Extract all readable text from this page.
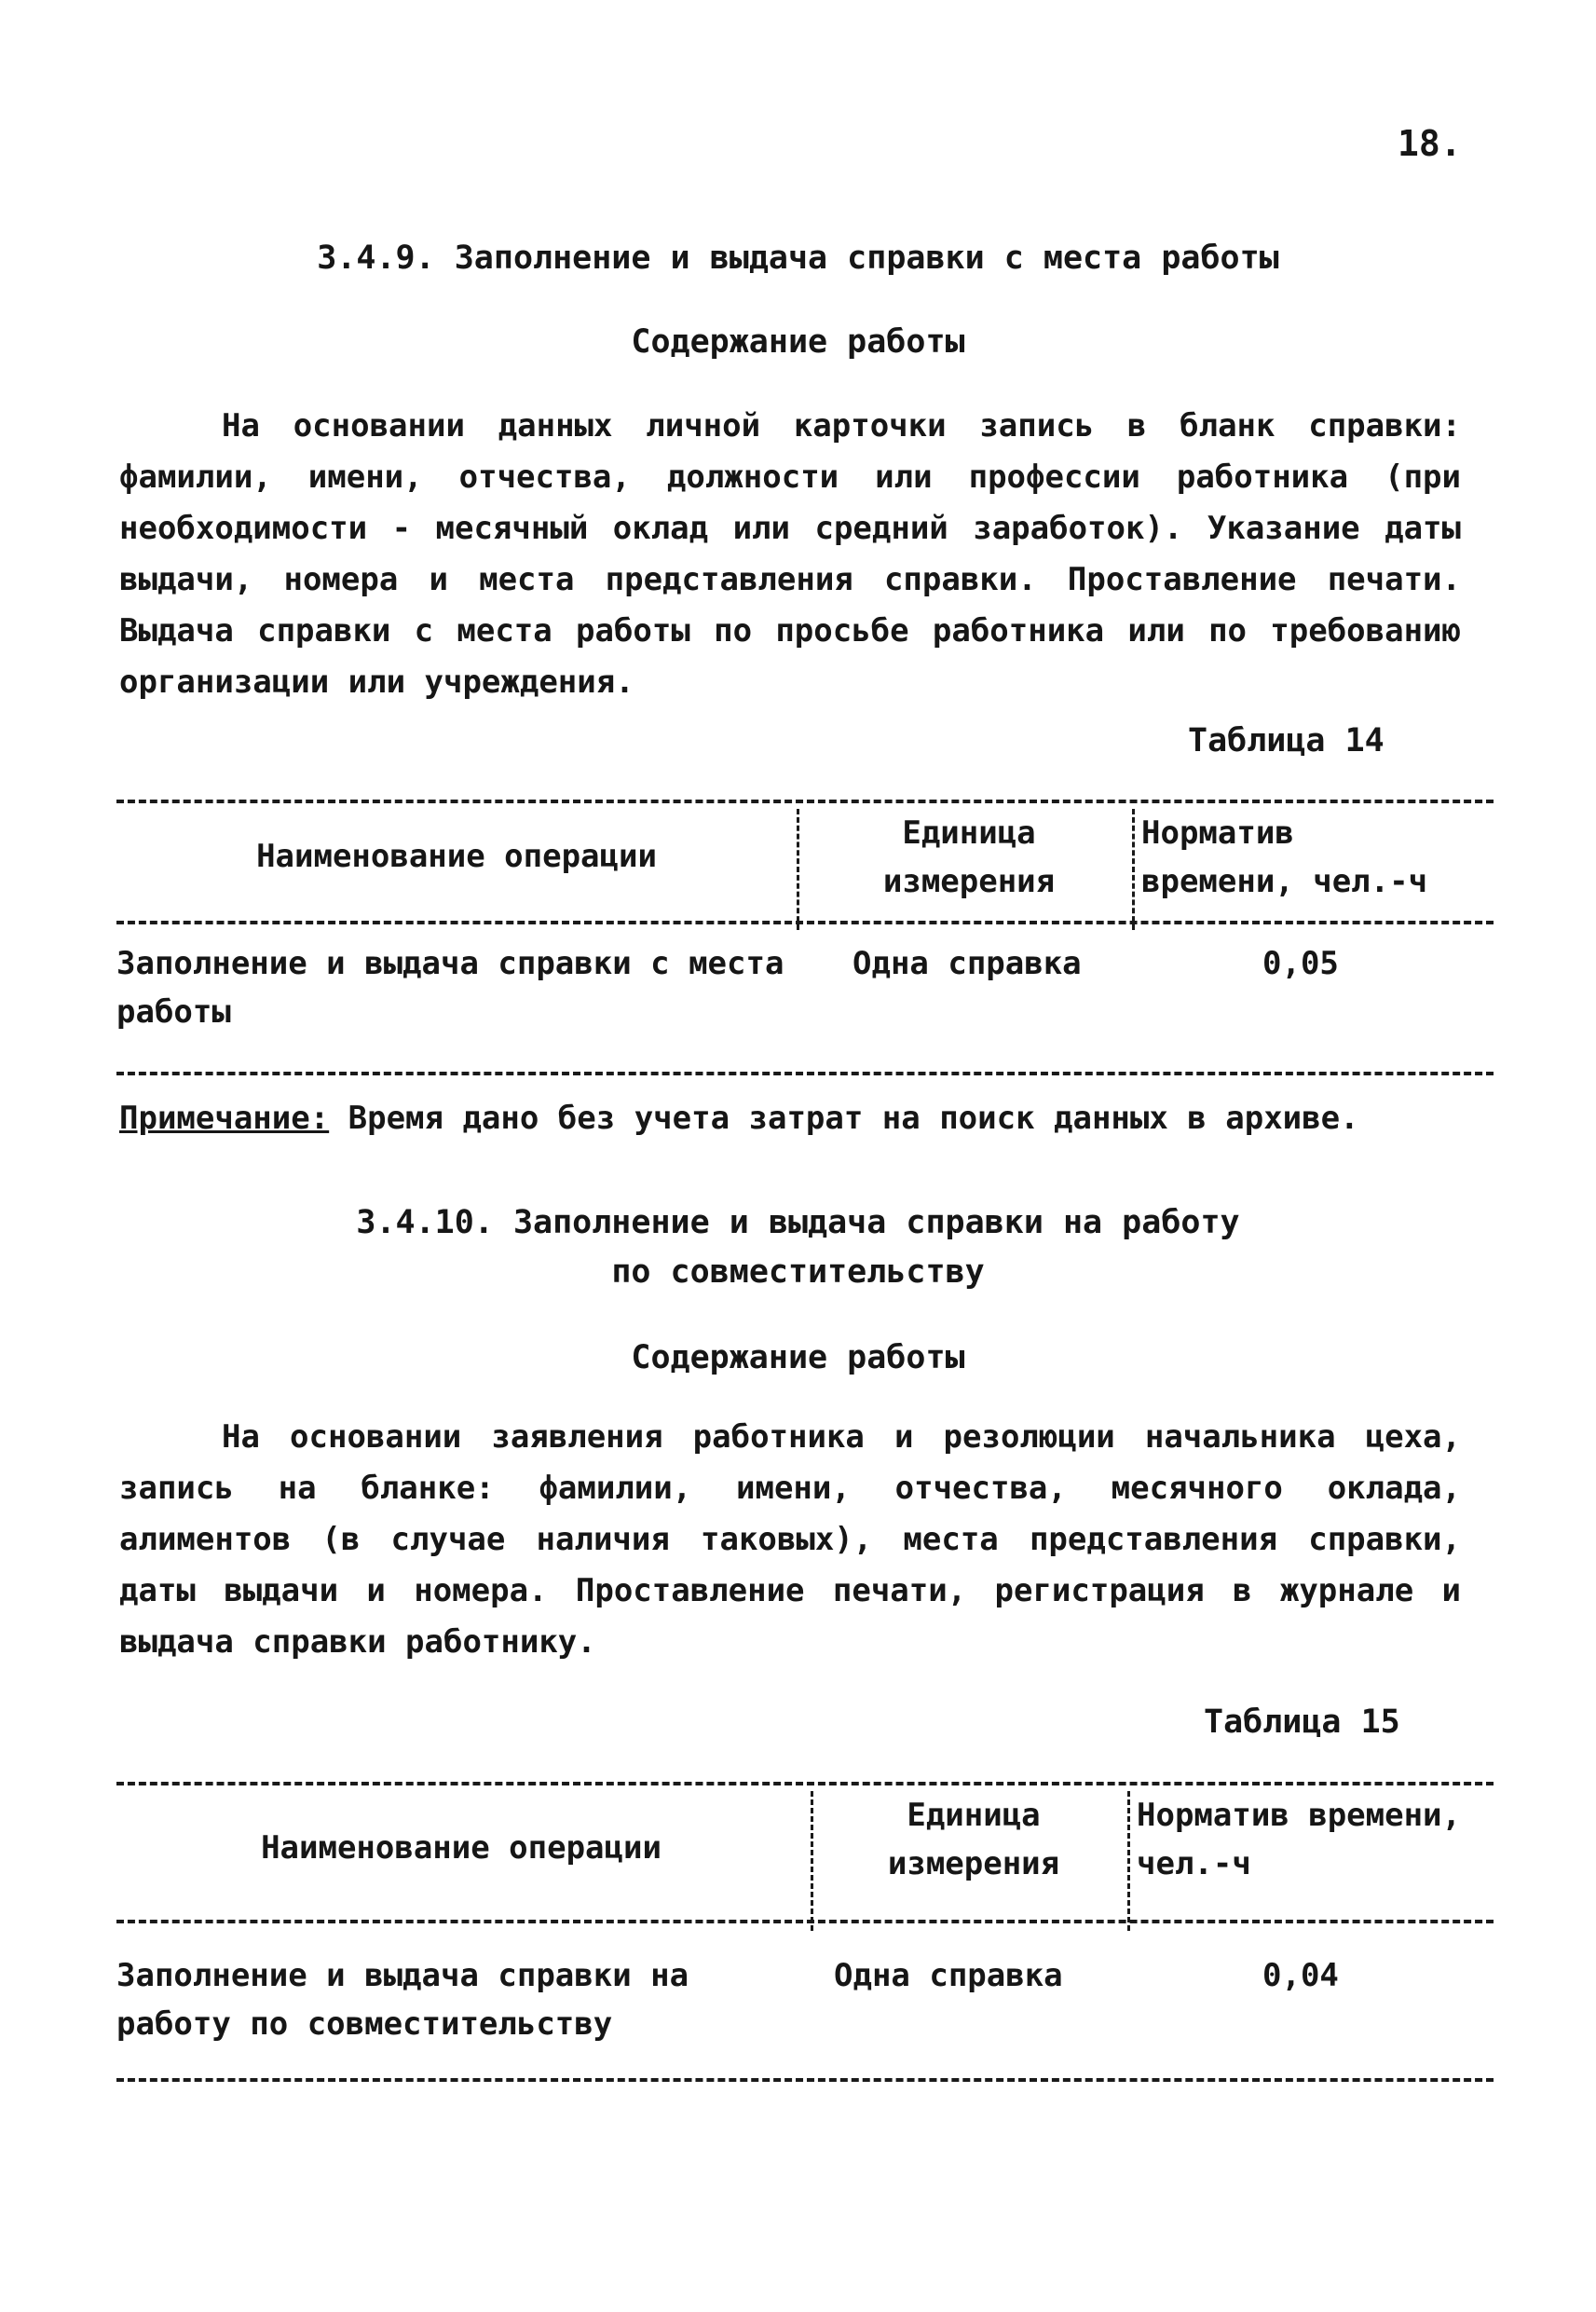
18.
3.4.9. Заполнение и выдача справки с места работы
Содержание работы
На основании данных личной карточки запись в бланк справки: фамилии, имени, отчества, должности или профессии работника (при необходимости - месячный оклад или средний заработок). Указание даты выдачи, номера и места представления справки. Проставление печати. Выдача справки с места работы по просьбе работника или по требованию организации или учреждения.
Таблица 14
Наименование операции
Единица измерения
Норматив времени, чел.-ч
Заполнение и выдача справки с места работы
Одна справка	0,05
Примечание: Время дано без учета затрат на поиск данных в архиве.
3.4.10. Заполнение и выдача справки на работу
по совместительству
Содержание работы
На основании заявления работника и резолюции начальника цеха, запись на бланке: фамилии, имени, отчества, месячного оклада, алиментов (в случае наличия таковых), места представления справки, даты выдачи и номера. Проставление печати, регистрация в журнале и выдача справки работнику.
Таблица 15
Наименование операции
Единица измерения
Норматив времени, чел.-ч
Заполнение и выдача справки на работу по совместительству
Одна справка	0,04
